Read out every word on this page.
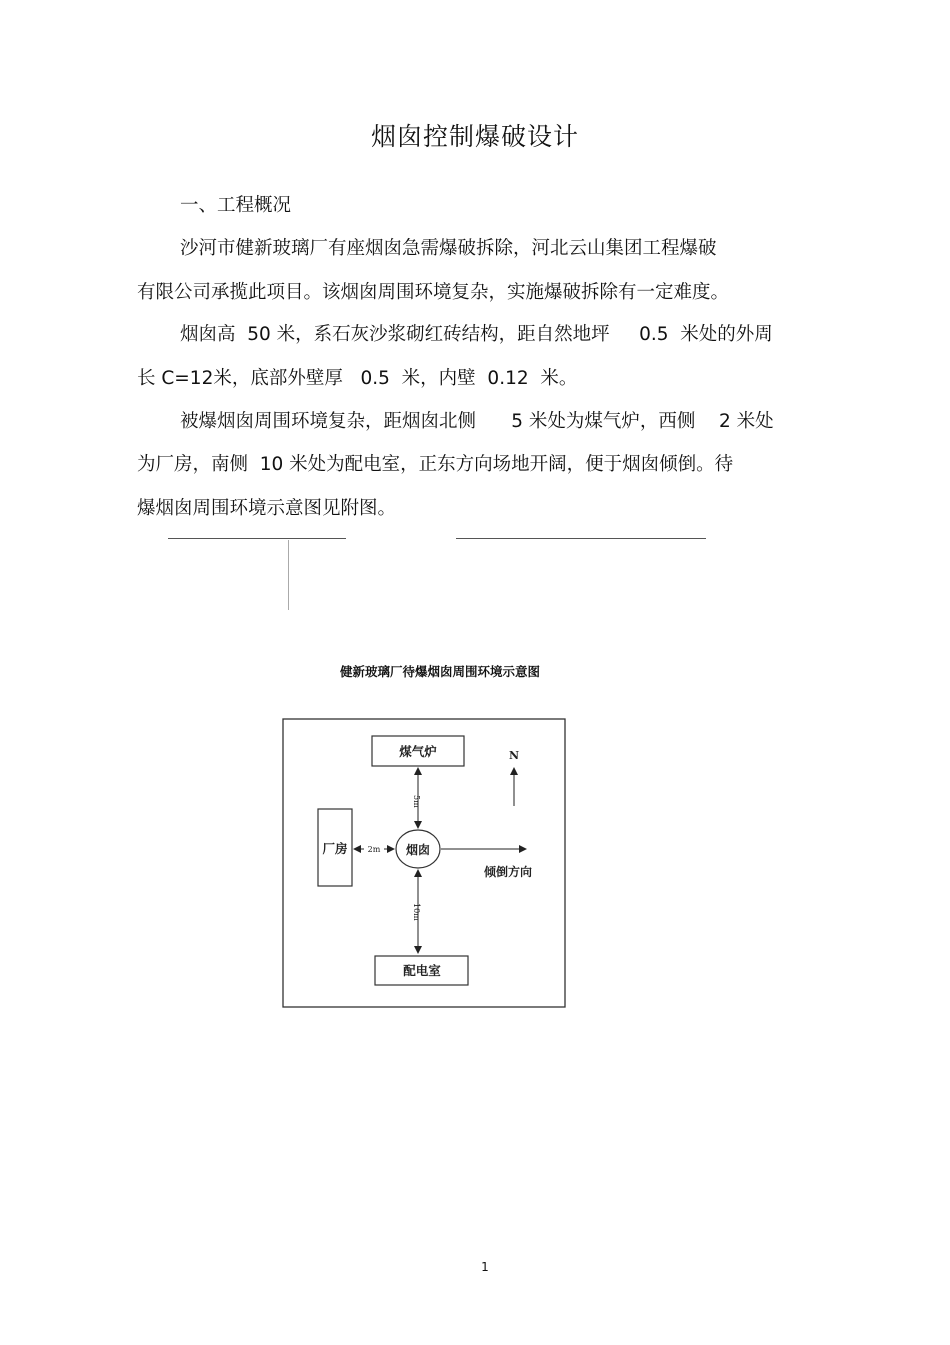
烟囱控制爆破设计
一、工程概况
沙河市健新玻璃厂有座烟囱急需爆破拆除，河北云山集团工程爆破
有限公司承揽此项目。该烟囱周围环境复杂，实施爆破拆除有一定难度。
烟囱高  50 米，系石灰沙浆砌红砖结构，距自然地坪     0.5  米处的外周
长 C=12米，底部外壁厚   0.5  米，内壁  0.12  米。
被爆烟囱周围环境复杂，距烟囱北侧      5 米处为煤气炉，西侧    2 米处
为厂房，南侧  10 米处为配电室，正东方向场地开阔，便于烟囱倾倒。待
爆烟囱周围环境示意图见附图。
健新玻璃厂待爆烟囱周围环境示意图
煤气炉
厂房
配电室
烟囱
5m
10m
2m
倾倒方向
N
1
